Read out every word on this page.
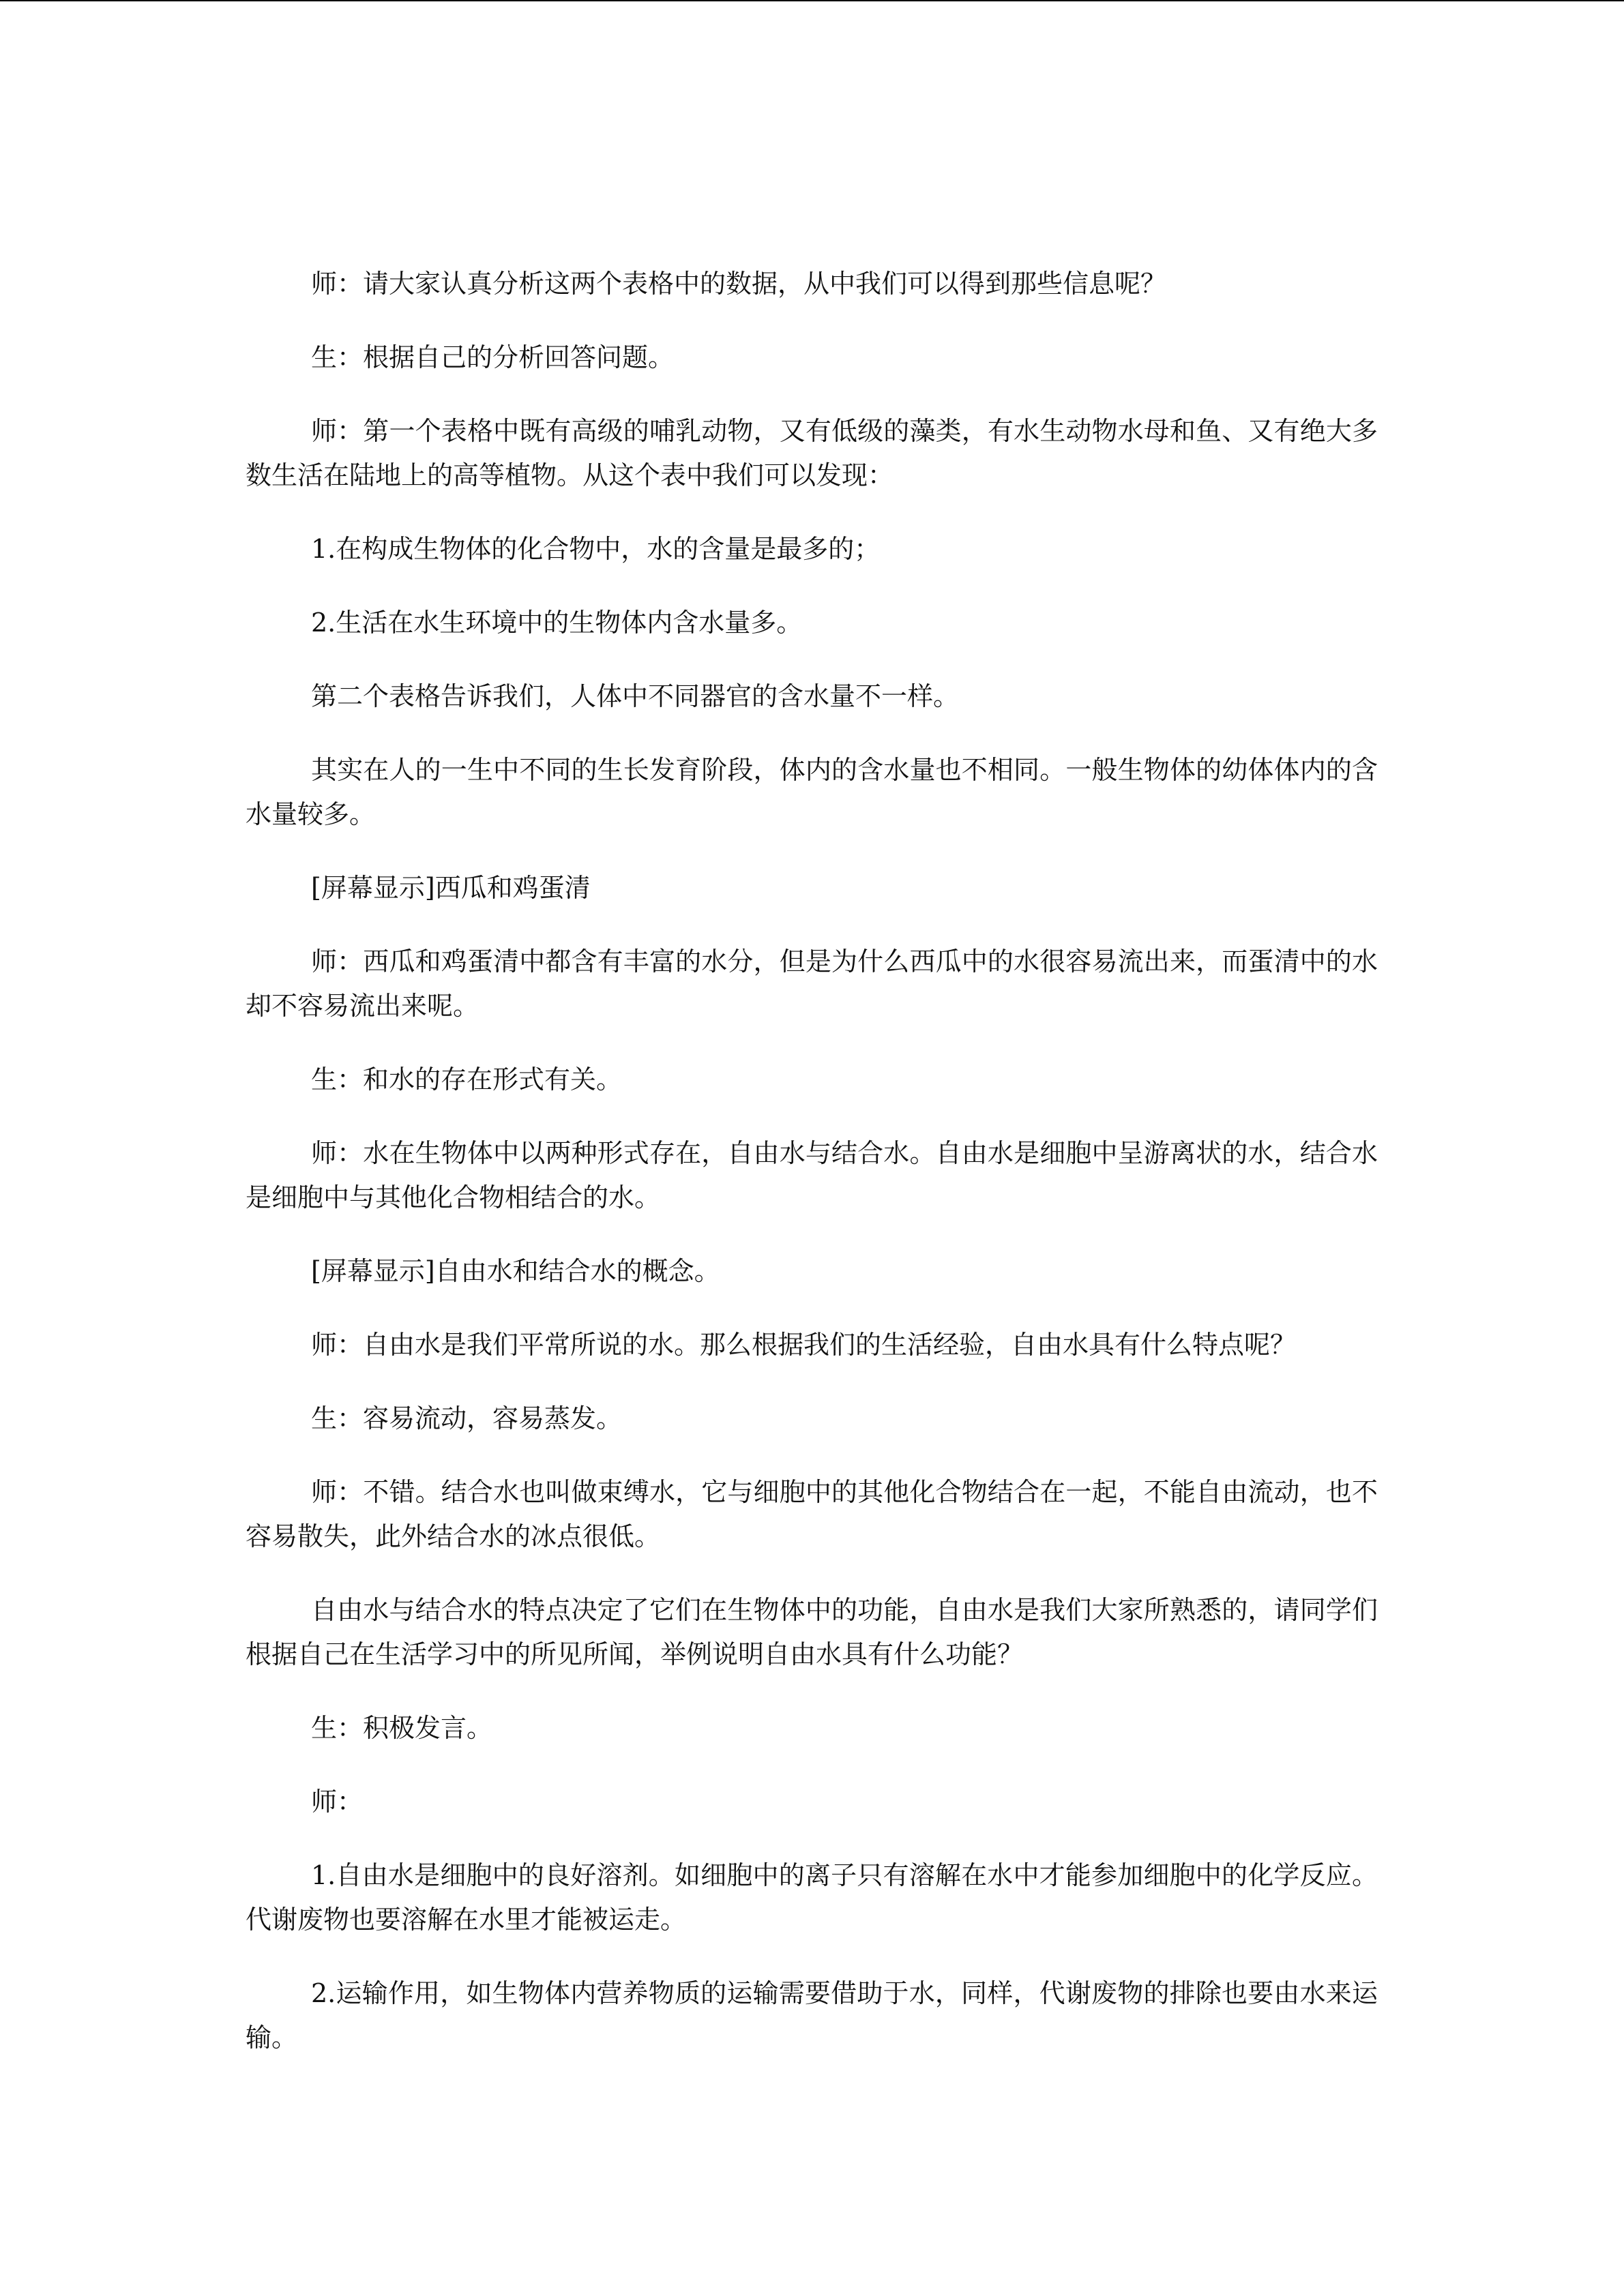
师：请大家认真分析这两个表格中的数据，从中我们可以得到那些信息呢？

生：根据自己的分析回答问题。

师：第一个表格中既有高级的哺乳动物，又有低级的藻类，有水生动物水母和鱼、又有绝大多数生活在陆地上的高等植物。从这个表中我们可以发现：

1.在构成生物体的化合物中，水的含量是最多的；

2.生活在水生环境中的生物体内含水量多。

第二个表格告诉我们，人体中不同器官的含水量不一样。

其实在人的一生中不同的生长发育阶段，体内的含水量也不相同。一般生物体的幼体体内的含水量较多。

[屏幕显示]西瓜和鸡蛋清

师：西瓜和鸡蛋清中都含有丰富的水分，但是为什么西瓜中的水很容易流出来，而蛋清中的水却不容易流出来呢。

生：和水的存在形式有关。

师：水在生物体中以两种形式存在，自由水与结合水。自由水是细胞中呈游离状的水，结合水是细胞中与其他化合物相结合的水。

[屏幕显示]自由水和结合水的概念。

师：自由水是我们平常所说的水。那么根据我们的生活经验，自由水具有什么特点呢？

生：容易流动，容易蒸发。

师：不错。结合水也叫做束缚水，它与细胞中的其他化合物结合在一起，不能自由流动，也不容易散失，此外结合水的冰点很低。

自由水与结合水的特点决定了它们在生物体中的功能，自由水是我们大家所熟悉的，请同学们根据自己在生活学习中的所见所闻，举例说明自由水具有什么功能？

生：积极发言。

师：

1.自由水是细胞中的良好溶剂。如细胞中的离子只有溶解在水中才能参加细胞中的化学反应。代谢废物也要溶解在水里才能被运走。

2.运输作用，如生物体内营养物质的运输需要借助于水，同样，代谢废物的排除也要由水来运输。
